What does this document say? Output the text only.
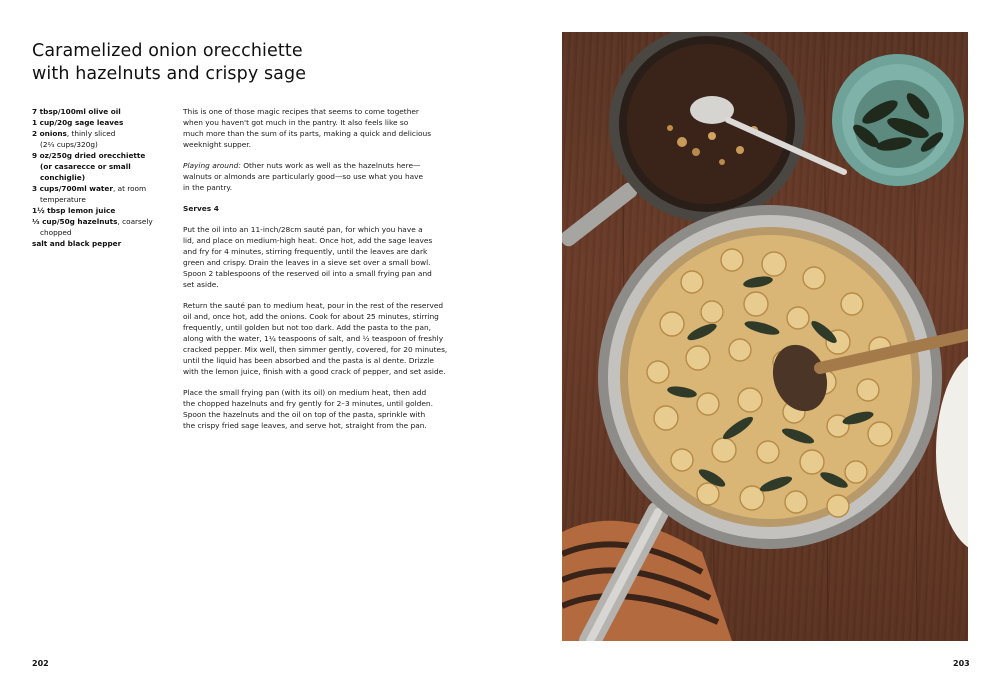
Caramelized onion orecchiette
with hazelnuts and crispy sage
7 tbsp/100ml olive oil
1 cup/20g sage leaves
2 onions, thinly sliced
(2⅔ cups/320g)
9 oz/250g dried orecchiette
(or casarecce or small conchiglie)
3 cups/700ml water, at room
temperature
1½ tbsp lemon juice
⅓ cup/50g hazelnuts, coarsely
chopped
salt and black pepper
This is one of those magic recipes that seems to come together
when you haven't got much in the pantry. It also feels like so
much more than the sum of its parts, making a quick and delicious
weeknight supper.
Playing around: Other nuts work as well as the hazelnuts here—
walnuts or almonds are particularly good—so use what you have
in the pantry.
Serves 4
Put the oil into an 11-inch/28cm sauté pan, for which you have a
lid, and place on medium-high heat. Once hot, add the sage leaves
and fry for 4 minutes, stirring frequently, until the leaves are dark
green and crispy. Drain the leaves in a sieve set over a small bowl.
Spoon 2 tablespoons of the reserved oil into a small frying pan and
set aside.
Return the sauté pan to medium heat, pour in the rest of the reserved
oil and, once hot, add the onions. Cook for about 25 minutes, stirring
frequently, until golden but not too dark. Add the pasta to the pan,
along with the water, 1¼ teaspoons of salt, and ½ teaspoon of freshly
cracked pepper. Mix well, then simmer gently, covered, for 20 minutes,
until the liquid has been absorbed and the pasta is al dente. Drizzle
with the lemon juice, finish with a good crack of pepper, and set aside.
Place the small frying pan (with its oil) on medium heat, then add
the chopped hazelnuts and fry gently for 2–3 minutes, until golden.
Spoon the hazelnuts and the oil on top of the pasta, sprinkle with
the crispy fried sage leaves, and serve hot, straight from the pan.
202	203
